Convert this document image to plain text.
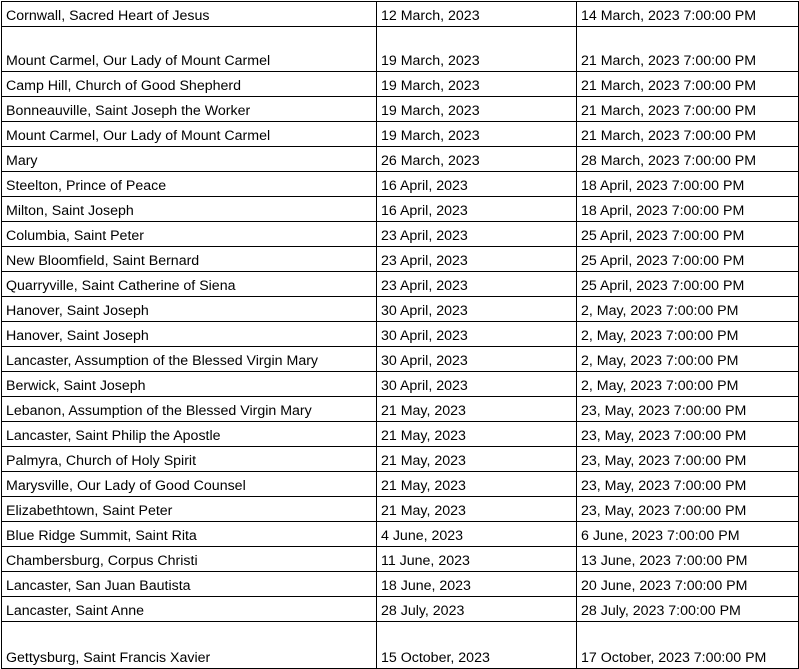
Cornwall, Sacred Heart of Jesus	12 March, 2023	14 March, 2023 7:00:00 PM
Mount Carmel, Our Lady of Mount Carmel	19 March, 2023	21 March, 2023 7:00:00 PM
Camp Hill, Church of Good Shepherd	19 March, 2023	21 March, 2023 7:00:00 PM
Bonneauville, Saint Joseph the Worker	19 March, 2023	21 March, 2023 7:00:00 PM
Mount Carmel, Our Lady of Mount Carmel	19 March, 2023	21 March, 2023 7:00:00 PM
Mary	26 March, 2023	28 March, 2023 7:00:00 PM
Steelton, Prince of Peace	16 April, 2023	18 April, 2023 7:00:00 PM
Milton, Saint Joseph	16 April, 2023	18 April, 2023 7:00:00 PM
Columbia, Saint Peter	23 April, 2023	25 April, 2023 7:00:00 PM
New Bloomfield, Saint Bernard	23 April, 2023	25 April, 2023 7:00:00 PM
Quarryville, Saint Catherine of Siena	23 April, 2023	25 April, 2023 7:00:00 PM
Hanover, Saint Joseph	30 April, 2023	2, May, 2023 7:00:00 PM
Hanover, Saint Joseph	30 April, 2023	2, May, 2023 7:00:00 PM
Lancaster, Assumption of the Blessed Virgin Mary	30 April, 2023	2, May, 2023 7:00:00 PM
Berwick, Saint Joseph	30 April, 2023	2, May, 2023 7:00:00 PM
Lebanon, Assumption of the Blessed Virgin Mary	21 May, 2023	23, May, 2023 7:00:00 PM
Lancaster, Saint Philip the Apostle	21 May, 2023	23, May, 2023 7:00:00 PM
Palmyra, Church of Holy Spirit	21 May, 2023	23, May, 2023 7:00:00 PM
Marysville, Our Lady of Good Counsel	21 May, 2023	23, May, 2023 7:00:00 PM
Elizabethtown, Saint Peter	21 May, 2023	23, May, 2023 7:00:00 PM
Blue Ridge Summit, Saint Rita	4 June, 2023	6 June, 2023 7:00:00 PM
Chambersburg, Corpus Christi	11 June, 2023	13 June, 2023 7:00:00 PM
Lancaster, San Juan Bautista	18 June, 2023	20 June, 2023 7:00:00 PM
Lancaster, Saint Anne	28 July, 2023	28 July, 2023 7:00:00 PM
Gettysburg, Saint Francis Xavier	15 October, 2023	17 October, 2023 7:00:00 PM
